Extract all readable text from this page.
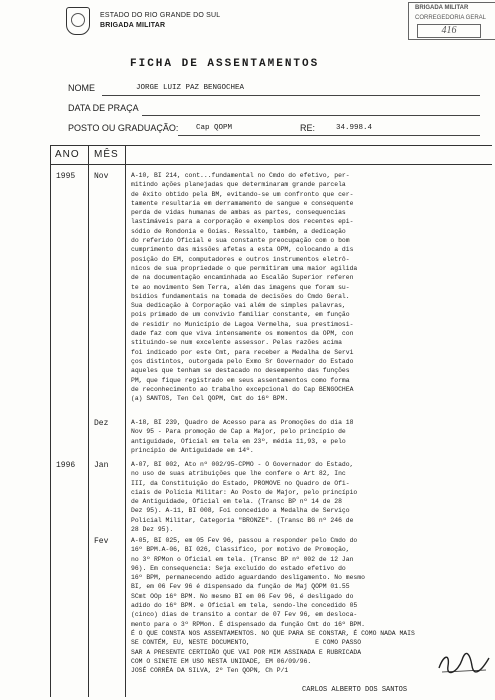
ESTADO DO RIO GRANDE DO SUL
BRIGADA MILITAR
BRIGADA MILITAR
CORREGEDORIA GERAL
416
FICHA DE ASSENTAMENTOS
NOME	JORGE LUIZ PAZ BENGOCHEA
DATA DE PRAÇA
POSTO OU GRADUAÇÃO: Cap QOPM	RE:	34.998.4
ANO MÊS
1995 Nov	A-10, BI 214, cont...fundamental no Cmdo do efetivo, per-
mitindo ações planejadas que determinaram grande parcela
de êxito obtido pela BM, evitando-se um confronto que cer-
tamente resultaria em derramamento de sangue e consequente
perda de vidas humanas de ambas as partes, consequencias
lastimáveis para a corporação e exemplos dos recentes epi-
sódio de Rondonia e Goias. Ressalto, também, a dedicação
do referido Oficial e sua constante preocupação com o bom
cumprimento das missões afetas a esta OPM, colocando a dis
posição do EM, computadores e outros instrumentos eletrô-
nicos de sua propriedade o que permitiram uma maior agilida
de na documentação encaminhada ao Escalão Superior referen
te ao movimento Sem Terra, além das imagens que foram su-
bsidios fundamentais na tomada de decisões do Cmdo Geral.
Sua dedicação à Corporação vai além de simples palavras,
pois primado de um convívio familiar constante, em função
de residir no Município de Lagoa Vermelha, sua prestimosi-
dade faz com que viva intensamente os momentos da OPM, con
stituindo-se num excelente assessor. Pelas razões acima
foi indicado por este Cmt, para receber a Medalha de Servi
ços distintos, outorgada pelo Exmo Sr Governador do Estado
aqueles que tenham se destacado no desempenho das funções
PM, que fique registrado em seus assentamentos como forma
de reconhecimento ao trabalho excepcional do Cap BENGOCHEA
(a) SANTOS, Ten Cel QOPM, Cmt do 16º BPM.
Dez	A-18, BI 239, Quadro de Acesso para as Promoções do dia 18
Nov 95 - Para promoção de Cap a Major, pelo princípio de
antiguidade, Oficial em tela em 23º, média 11,93, e pelo
princípio de Antiguidade em 14º.
1996 Jan	A-07, BI 002, Ato nº 002/95-CPMO - O Governador do Estado,
no uso de suas atribuições que lhe confere o Art 82, Inc
III, da Constituição do Estado, PROMOVE no Quadro de Ofi-
ciais de Polícia Militar: Ao Posto de Major, pelo princípio
de Antiguidade, Oficial em tela. (Transc BP nº 14 de 28
Dez 95). A-11, BI 008, Foi concedido a Medalha de Serviço
Policial Militar, Categoria "BRONZE". (Transc BG nº 246 de
28 Dez 95).
Fev	A-05, BI 025, em 05 Fev 96, passou a responder pelo Cmdo do
16º BPM.A-06, BI 026, Classifico, por motivo de Promoção,
no 3º RPMon o Oficial em tela. (Transc BP nº 002 de 12 Jan
96). Em consequencia: Seja excluído do estado efetivo do
16º BPM, permanecendo adido aguardando desligamento. No mesmo
BI, em 06 Fev 96 é dispensado da função de Maj QOPM 01.55
SCmt OOp 16º BPM. No mesmo BI em 06 Fev 96, é desligado do
adido do 16º BPM. e Oficial em tela, sendo-lhe concedido 05
(cinco) dias de transito a contar de 07 Fev 96, em desloca-
mento para o 3º RPMon. É dispensado da função Cmt do 16º BPM.
É O QUE CONSTA NOS ASSENTAMENTOS. NO QUE PARA SE CONSTAR, É COMO NADA MAIS
SE CONTÉM, EU, NESTE DOCUMENTO,                 E COMO PASSO
SAR A PRESENTE CERTIDÃO QUE VAI POR MIM ASSINADA E RUBRICADA
COM O SINETE EM USO NESTA UNIDADE, EM 06/09/96.
JOSÉ CORRÊA DA SILVA, 2º Ten QOPN, Ch P/1
CARLOS ALBERTO DOS SANTOS
